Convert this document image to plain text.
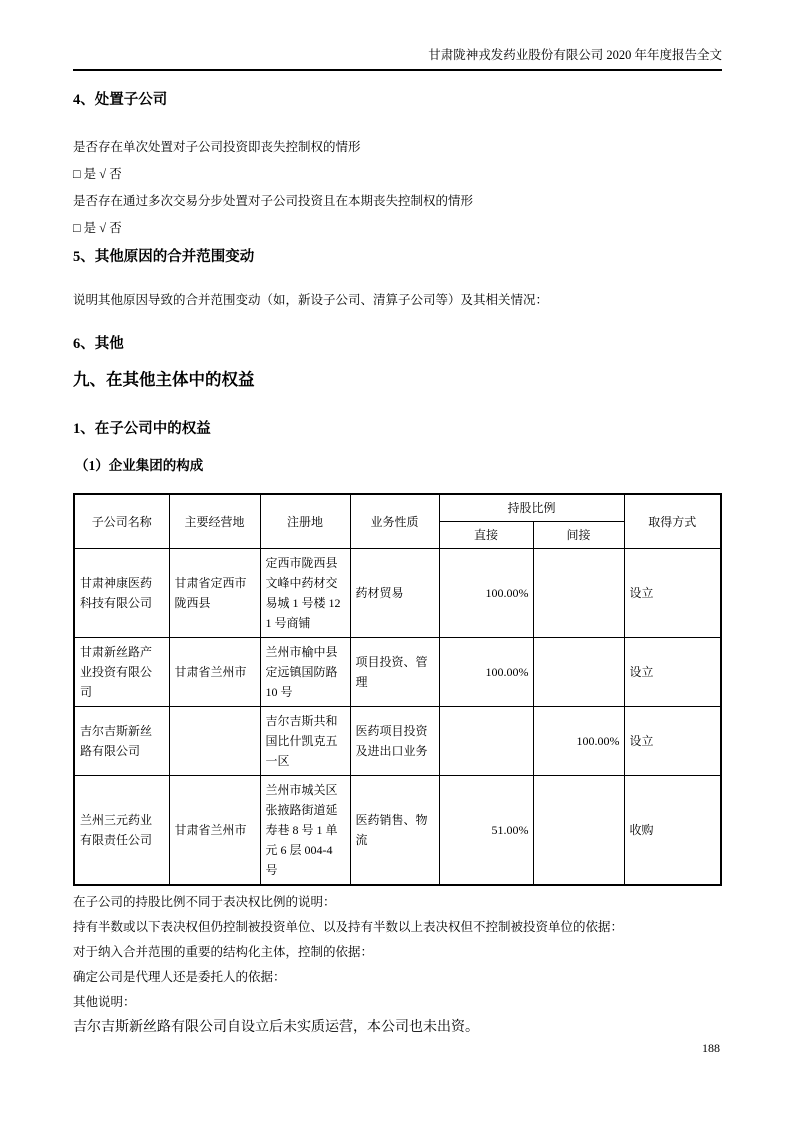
甘肃陇神戎发药业股份有限公司 2020 年年度报告全文
4、处置子公司

是否存在单次处置对子公司投资即丧失控制权的情形

□ 是 √ 否

是否存在通过多次交易分步处置对子公司投资且在本期丧失控制权的情形

□ 是 √ 否

5、其他原因的合并范围变动

说明其他原因导致的合并范围变动（如，新设子公司、清算子公司等）及其相关情况：

6、其他
九、在其他主体中的权益
1、在子公司中的权益
（1）企业集团的构成
子公司名称	主要经营地	注册地	业务性质	持股比例		取得方式
				直接	间接	
甘肃神康医药科技有限公司	甘肃省定西市陇西县	定西市陇西县文峰中药材交易城 1 号楼 121 号商铺	药材贸易	100.00%		设立
甘肃新丝路产业投资有限公司	甘肃省兰州市	兰州市榆中县定远镇国防路 10 号	项目投资、管理	100.00%		设立
吉尔吉斯新丝路有限公司		吉尔吉斯共和国比什凯克五一区	医药项目投资及进出口业务		100.00%	设立
兰州三元药业有限责任公司	甘肃省兰州市	兰州市城关区张掖路街道延寿巷 8 号 1 单元 6 层 004-4 号	医药销售、物流	51.00%		收购

在子公司的持股比例不同于表决权比例的说明：

持有半数或以下表决权但仍控制被投资单位、以及持有半数以上表决权但不控制被投资单位的依据：

对于纳入合并范围的重要的结构化主体，控制的依据：

确定公司是代理人还是委托人的依据：

其他说明：

吉尔吉斯新丝路有限公司自设立后未实质运营，本公司也未出资。

188
